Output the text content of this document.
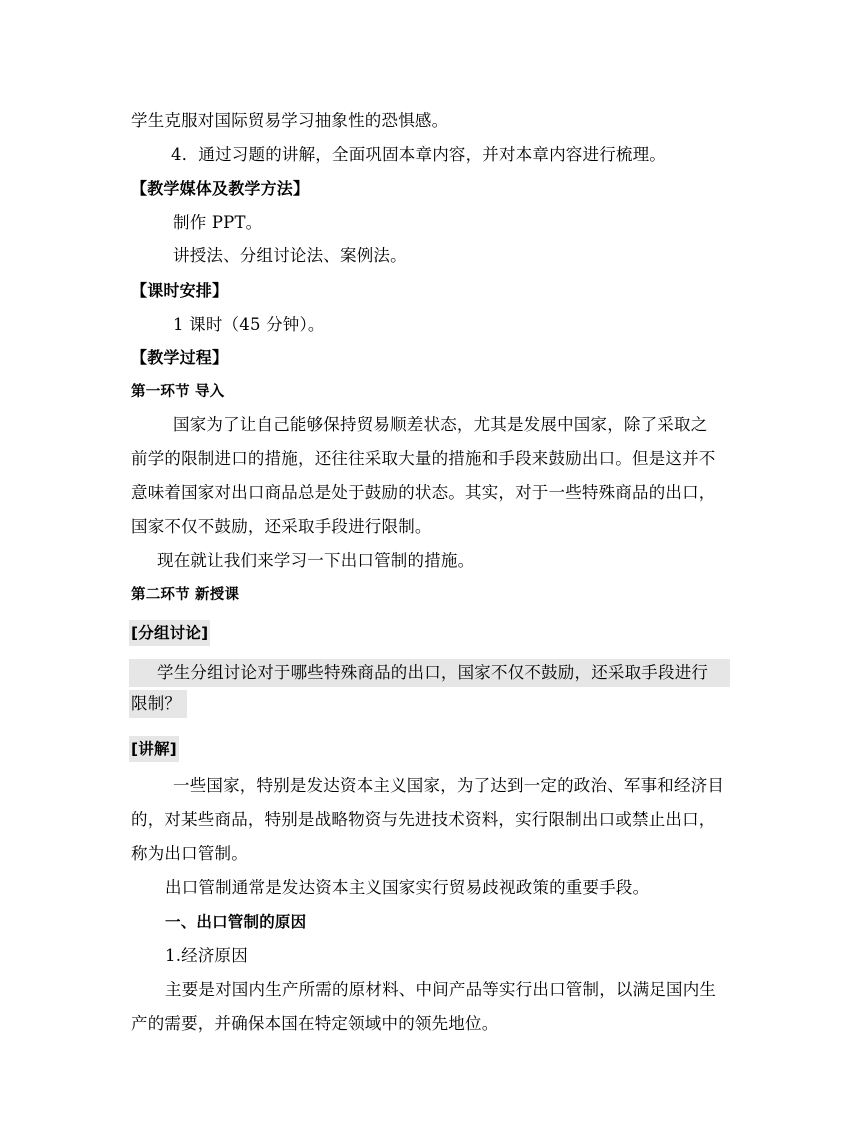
学生克服对国际贸易学习抽象性的恐惧感。
4．通过习题的讲解，全面巩固本章内容，并对本章内容进行梳理。
【教学媒体及教学方法】
制作 PPT。
讲授法、分组讨论法、案例法。
【课时安排】
1 课时（45 分钟）。
【教学过程】
第一环节 导入
国家为了让自己能够保持贸易顺差状态，尤其是发展中国家，除了采取之
前学的限制进口的措施，还往往采取大量的措施和手段来鼓励出口。但是这并不
意味着国家对出口商品总是处于鼓励的状态。其实，对于一些特殊商品的出口，
国家不仅不鼓励，还采取手段进行限制。
现在就让我们来学习一下出口管制的措施。
第二环节 新授课
[分组讨论]
学生分组讨论对于哪些特殊商品的出口，国家不仅不鼓励，还采取手段进行
限制？
[讲解]
一些国家，特别是发达资本主义国家，为了达到一定的政治、军事和经济目
的，对某些商品，特别是战略物资与先进技术资料，实行限制出口或禁止出口，
称为出口管制。
出口管制通常是发达资本主义国家实行贸易歧视政策的重要手段。
一、出口管制的原因
1.经济原因
主要是对国内生产所需的原材料、中间产品等实行出口管制，以满足国内生
产的需要，并确保本国在特定领域中的领先地位。
